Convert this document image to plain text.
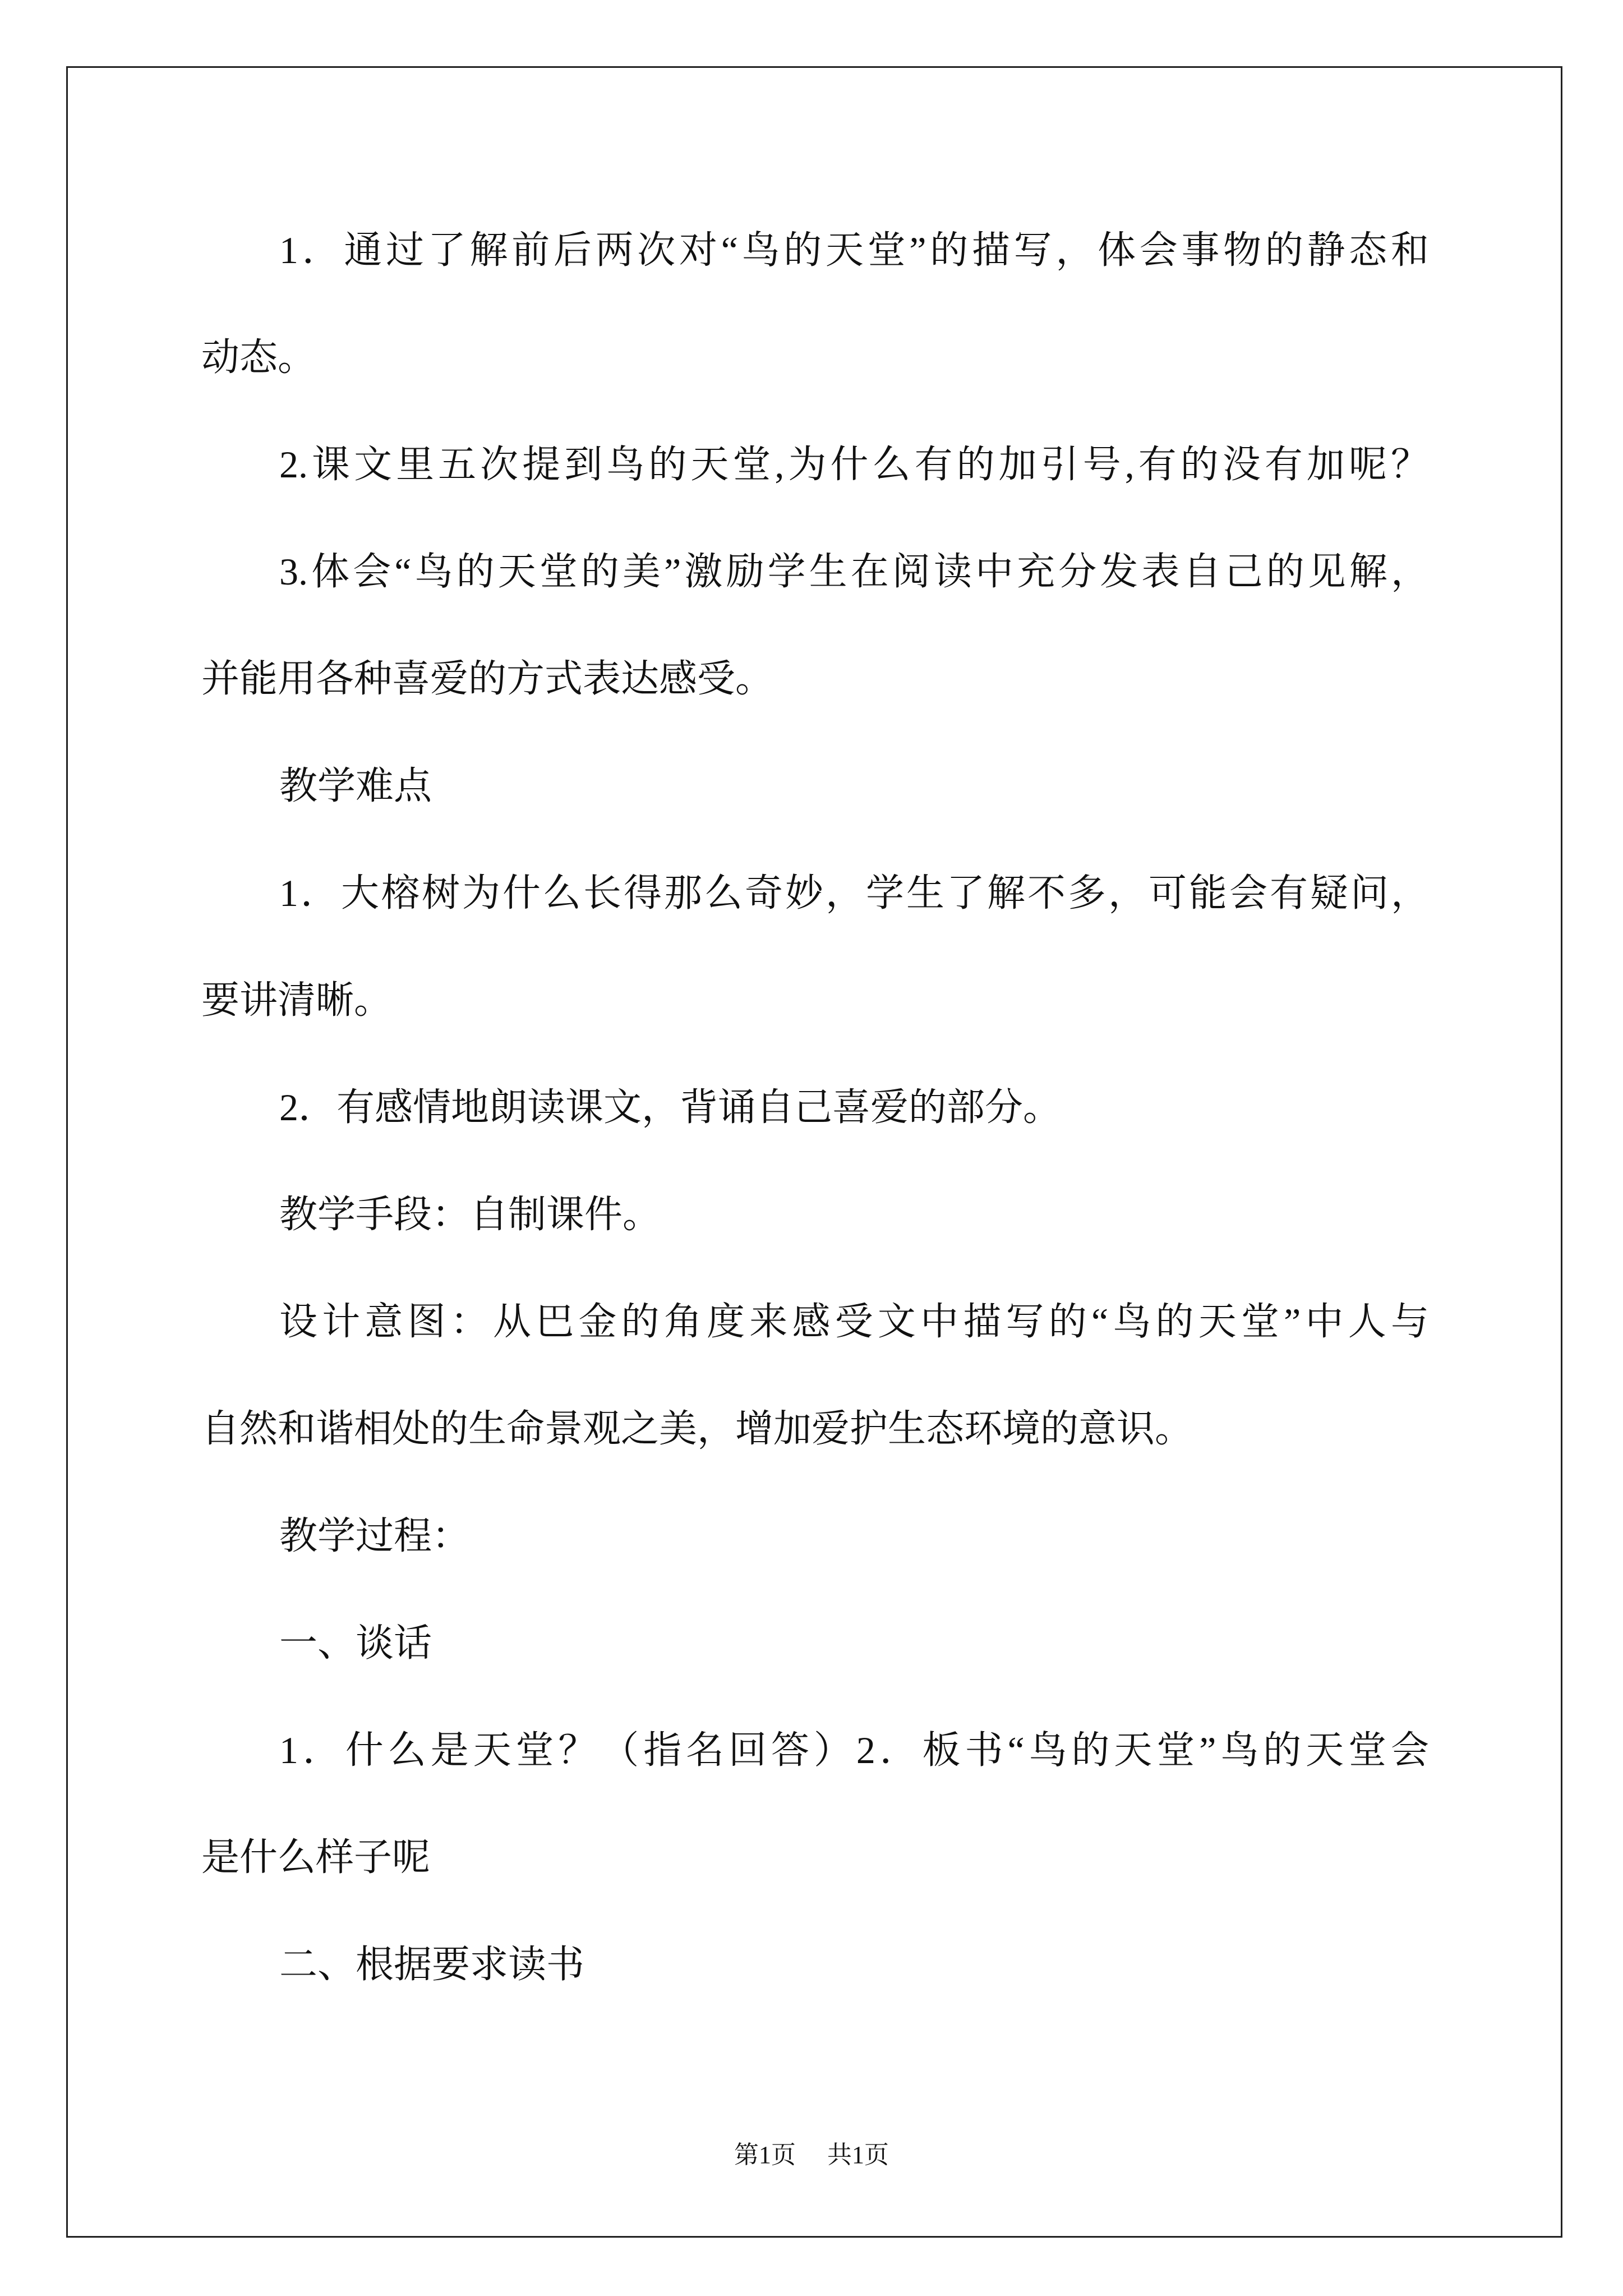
1．通过了解前后两次对“鸟的天堂”的描写，体会事物的静态和
动态。
2.课文里五次提到鸟的天堂,为什么有的加引号,有的没有加呢？
3.体会“鸟的天堂的美”激励学生在阅读中充分发表自己的见解，
并能用各种喜爱的方式表达感受。
教学难点
1．大榕树为什么长得那么奇妙，学生了解不多，可能会有疑问，
要讲清晰。
2．有感情地朗读课文，背诵自己喜爱的部分。
教学手段：自制课件。
设计意图：从巴金的角度来感受文中描写的“鸟的天堂”中人与
自然和谐相处的生命景观之美，增加爱护生态环境的意识。
教学过程：
一、谈话
1．什么是天堂？（指名回答）2．板书“鸟的天堂”鸟的天堂会
是什么样子呢
二、根据要求读书
第1页 共1页
